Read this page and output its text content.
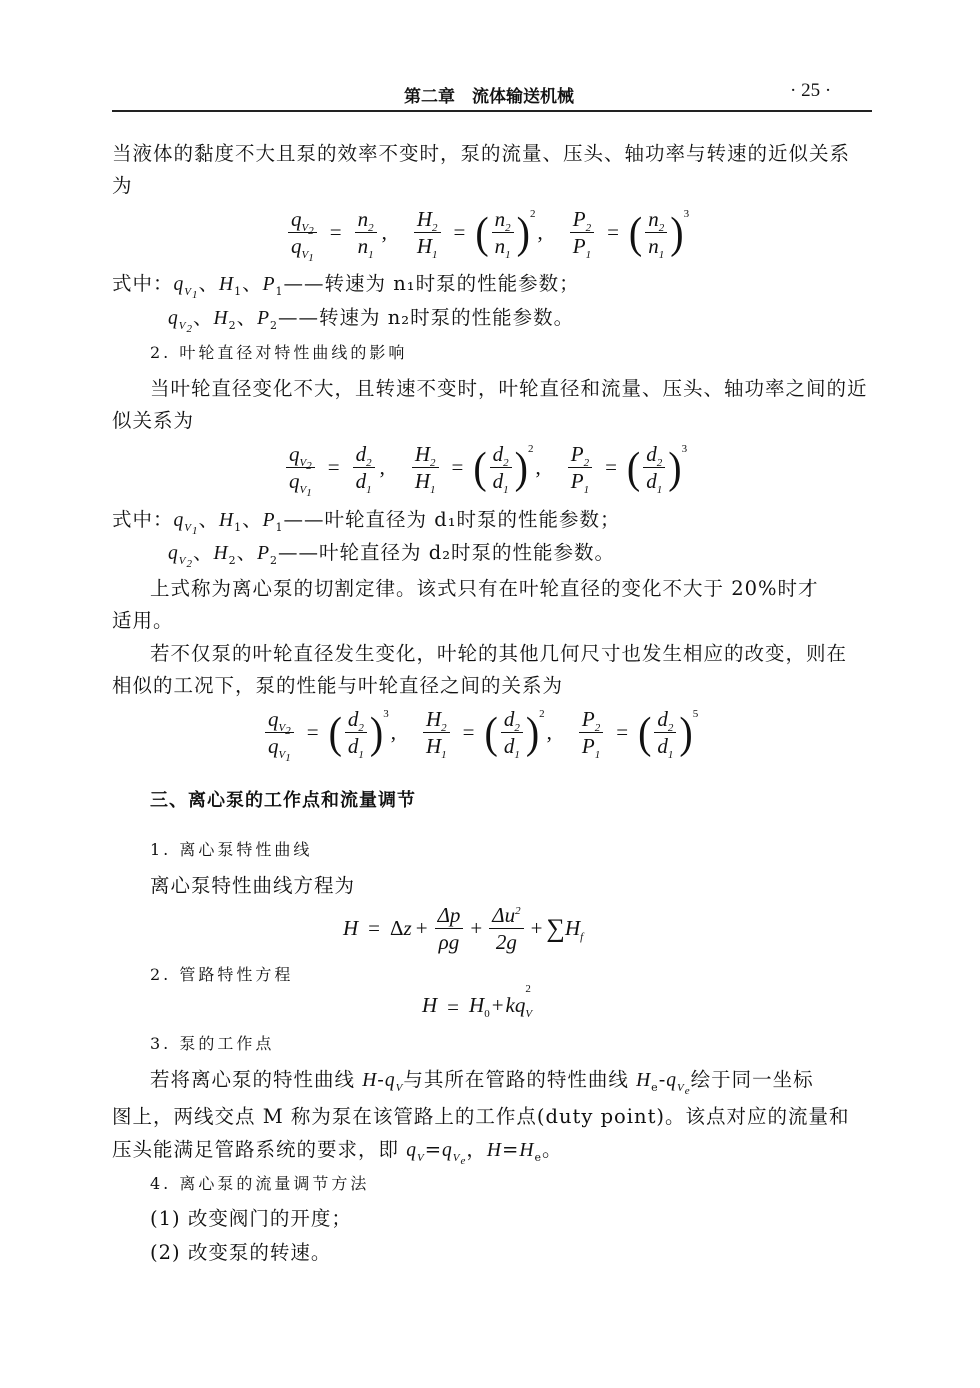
第二章　流体输送机械	· 25 ·
当液体的黏度不大且泵的效率不变时，泵的流量、压头、轴功率与转速的近似关系
为
$\frac{q_{V_2}}{q_{V_1}} = \frac{n_2}{n_1}$ , $\frac{H_2}{H_1}$ = ( $\frac{n_2}{n_1} )^2$, $\frac{P_2}{P_1}$ = ( $\frac{n_2}{n_1} )^3$
式中：$q_{V_1}$、$H_1$、$P_1——$转速为 n₁时泵的性能参数；
$q_{V_2}$、$H_2$、$P_2——$转速为 n₂时泵的性能参数。
2. 叶轮直径对特性曲线的影响
当叶轮直径变化不大，且转速不变时，叶轮直径和流量、压头、轴功率之间的近
似关系为
$\frac{q_{V_2}}{q_{V_1}} = \frac{d_2}{d_1}$ , $\frac{H_2}{H_1}$ = ( $\frac{d_2}{d_1} )^2$, $\frac{P_2}{P_1}$ = ( $\frac{d_2}{d_1} )^3$
式中：$q_{V_1}$、$H_1$、$P_1——$叶轮直径为 d₁时泵的性能参数；
$q_{V_2}$、$H_2$、$P_2——$叶轮直径为 d₂时泵的性能参数。
上式称为离心泵的切割定律。该式只有在叶轮直径的变化不大于 20%时才
适用。
若不仅泵的叶轮直径发生变化，叶轮的其他几何尺寸也发生相应的改变，则在
相似的工况下，泵的性能与叶轮直径之间的关系为
$\frac{q_{V_2}}{q_{V_1}}$ = ( $\frac{d_2}{d_1} )^3$, $\frac{H_2}{H_1}$ = ( $\frac{d_2}{d_1} )^2$, $\frac{P_2}{P_1}$ = ( $\frac{d_2}{d_1} )^5$
三、离心泵的工作点和流量调节
1. 离心泵特性曲线
离心泵特性曲线方程为
$H = \Delta z + \frac{\Delta p}{\rho g} + \frac{\Delta u^2}{2g} + \sum H_f$
2. 管路特性方程
$H = H_0+kq$
$^2$
$_V$
3. 泵的工作点
若将离心泵的特性曲线 $H-q_V$与其所在管路的特性曲线 $H_e-q_{V_e}$绘于同一坐标
图上，两线交点 M 称为泵在该管路上的工作点(duty point)。该点对应的流量和
压头能满足管路系统的要求，即 $q_V=q_{V_e}$，$H=H_e$。
4. 离心泵的流量调节方法
(1) 改变阀门的开度；
(2) 改变泵的转速。
